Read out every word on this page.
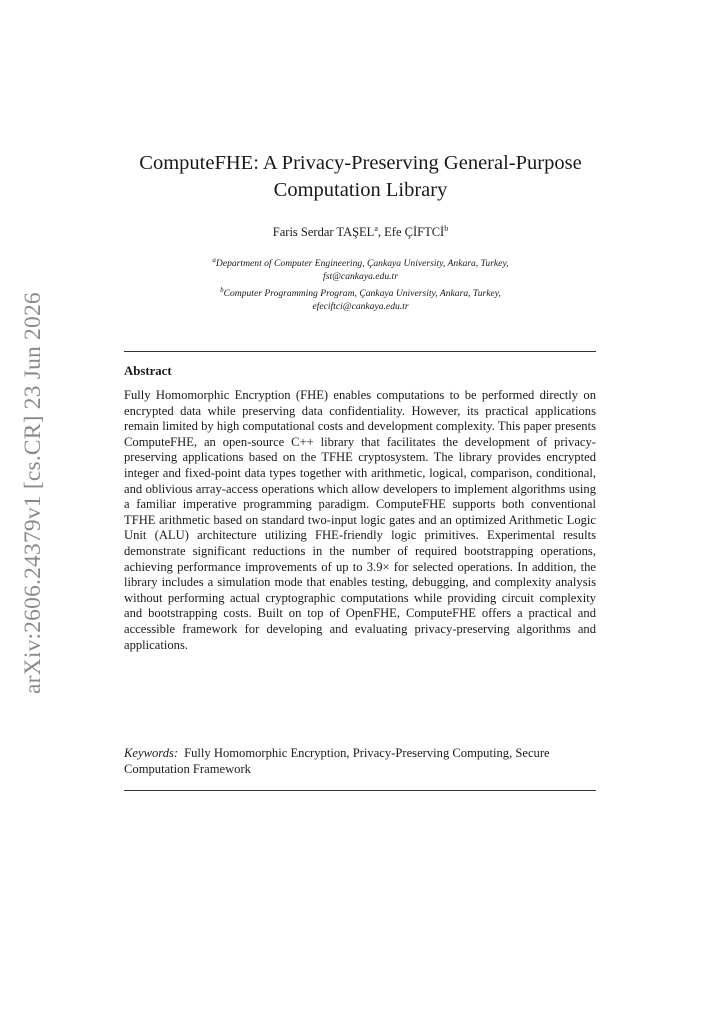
arXiv:2606.24379v1 [cs.CR] 23 Jun 2026
ComputeFHE: A Privacy-Preserving General-Purpose Computation Library
Faris Serdar TAŞEL$^a$, Efe ÇİFTCİ$^b$
$^a$Department of Computer Engineering, Çankaya University, Ankara, Turkey,
fst@cankaya.edu.tr
$^b$Computer Programming Program, Çankaya University, Ankara, Turkey,
efeciftci@cankaya.edu.tr
Abstract
Fully Homomorphic Encryption (FHE) enables computations to be performed directly on encrypted data while preserving data confidentiality. However, its practical applications remain limited by high computational costs and development complexity. This paper presents ComputeFHE, an open-source C++ library that facilitates the development of privacy-preserving applications based on the TFHE cryptosystem. The library provides encrypted integer and fixed-point data types together with arithmetic, logical, comparison, conditional, and oblivious array-access operations which allow developers to implement algorithms using a familiar imperative programming paradigm. ComputeFHE supports both conventional TFHE arithmetic based on standard two-input logic gates and an optimized Arithmetic Logic Unit (ALU) architecture utilizing FHE-friendly logic primitives. Experimental results demonstrate significant reductions in the number of required bootstrapping operations, achieving performance improvements of up to 3.9× for selected operations. In addition, the library includes a simulation mode that enables testing, debugging, and complexity analysis without performing actual cryptographic computations while providing circuit complexity and bootstrapping costs. Built on top of OpenFHE, ComputeFHE offers a practical and accessible framework for developing and evaluating privacy-preserving algorithms and applications.
Keywords: Fully Homomorphic Encryption, Privacy-Preserving Computing, Secure Computation Framework
